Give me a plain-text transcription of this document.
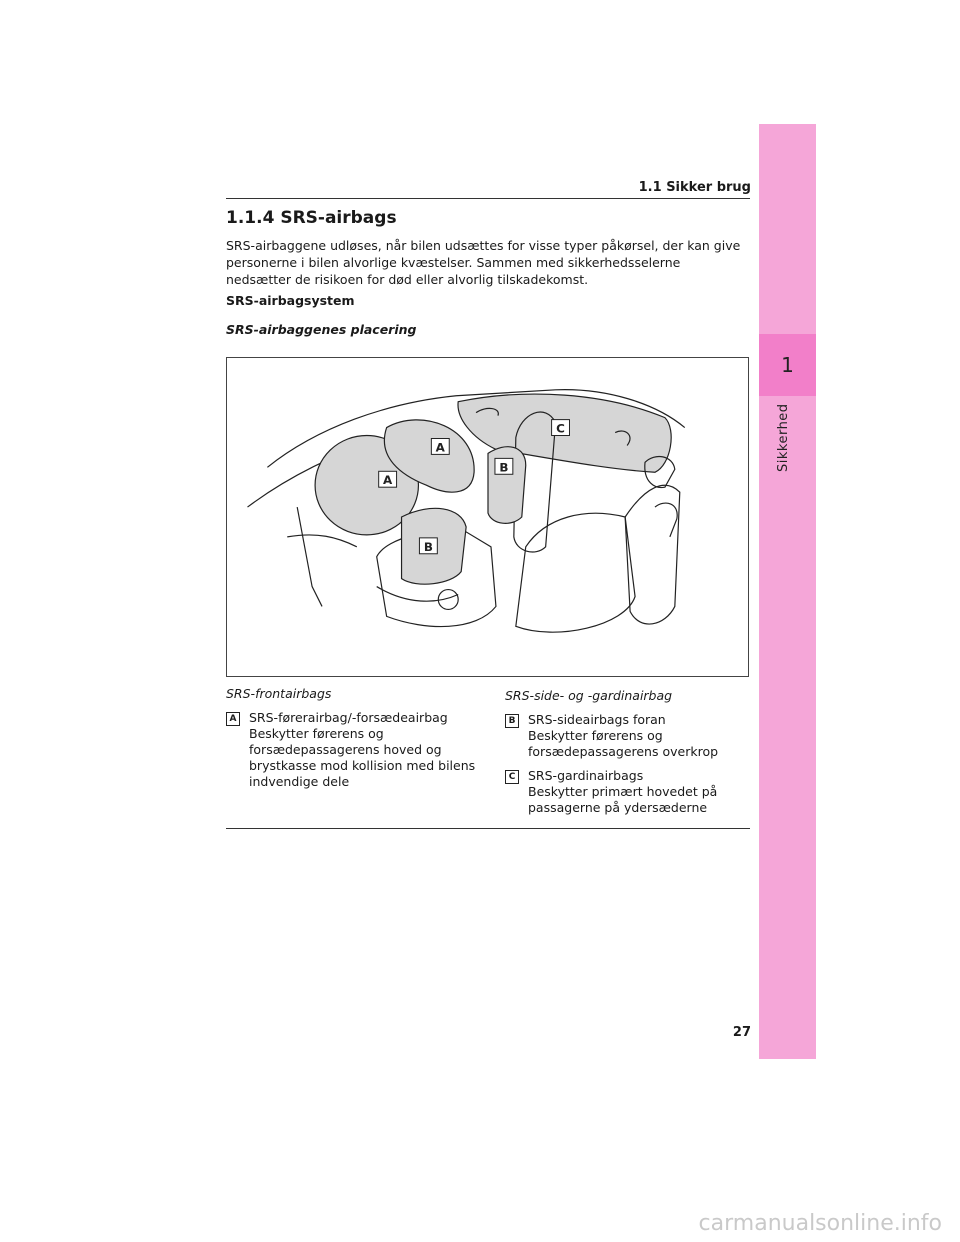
1
Sikkerhed
1.1 Sikker brug
1.1.4 SRS-airbags

SRS-airbaggene udløses, når bilen udsættes for visse typer påkørsel, der kan give personerne i bilen alvorlige kvæstelser. Sammen med sikkerhedsselerne nedsætter de risikoen for død eller alvorlig tilskadekomst.

SRS-airbagsystem

SRS-airbaggenes placering

A
A
B
B
C

SRS-frontairbags

A SRS-førerairbag/-forsædeairbag
Beskytter førerens og
forsædepassagerens hoved og
brystkasse mod kollision med bilens
indvendige dele

SRS-side- og -gardinairbag

B SRS-sideairbags foran
Beskytter førerens og
forsædepassagerens overkrop
C SRS-gardinairbags
Beskytter primært hovedet på
passagerne på ydersæderne
27
carmanualsonline.info
